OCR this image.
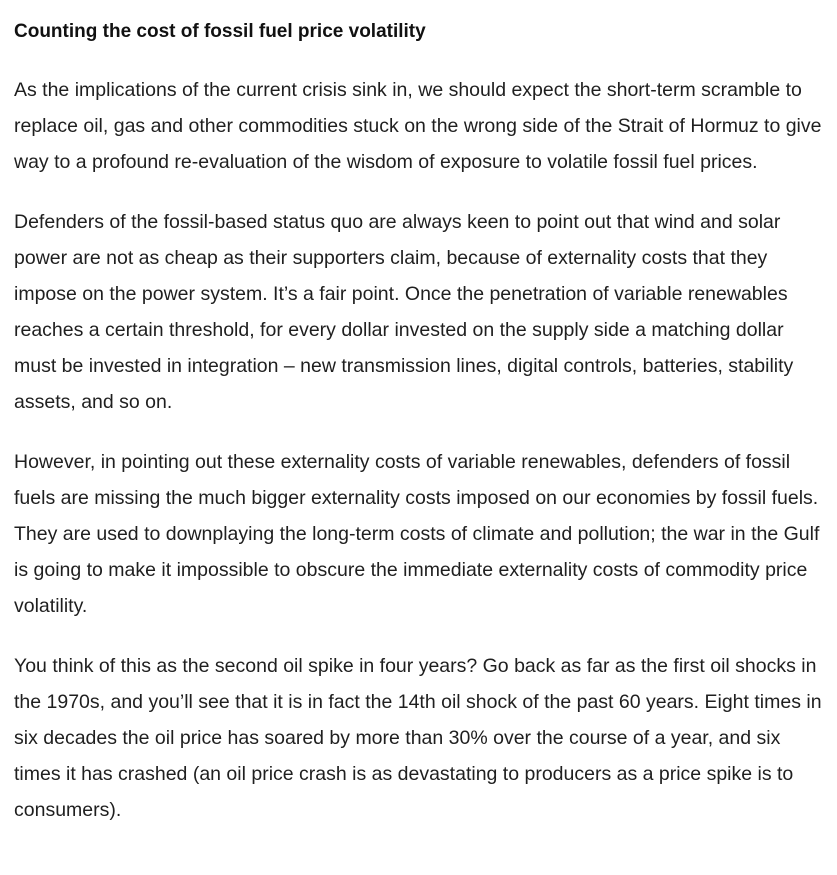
Counting the cost of fossil fuel price volatility

As the implications of the current crisis sink in, we should expect the short-term scramble to replace oil, gas and other commodities stuck on the wrong side of the Strait of Hormuz to give way to a profound re-evaluation of the wisdom of exposure to volatile fossil fuel prices.

Defenders of the fossil-based status quo are always keen to point out that wind and solar power are not as cheap as their supporters claim, because of externality costs that they impose on the power system. It’s a fair point. Once the penetration of variable renewables reaches a certain threshold, for every dollar invested on the supply side a matching dollar must be invested in integration – new transmission lines, digital controls, batteries, stability assets, and so on.

However, in pointing out these externality costs of variable renewables, defenders of fossil fuels are missing the much bigger externality costs imposed on our economies by fossil fuels. They are used to downplaying the long-term costs of climate and pollution; the war in the Gulf is going to make it impossible to obscure the immediate externality costs of commodity price volatility.

You think of this as the second oil spike in four years? Go back as far as the first oil shocks in the 1970s, and you’ll see that it is in fact the 14th oil shock of the past 60 years. Eight times in six decades the oil price has soared by more than 30% over the course of a year, and six times it has crashed (an oil price crash is as devastating to producers as a price spike is to consumers).
